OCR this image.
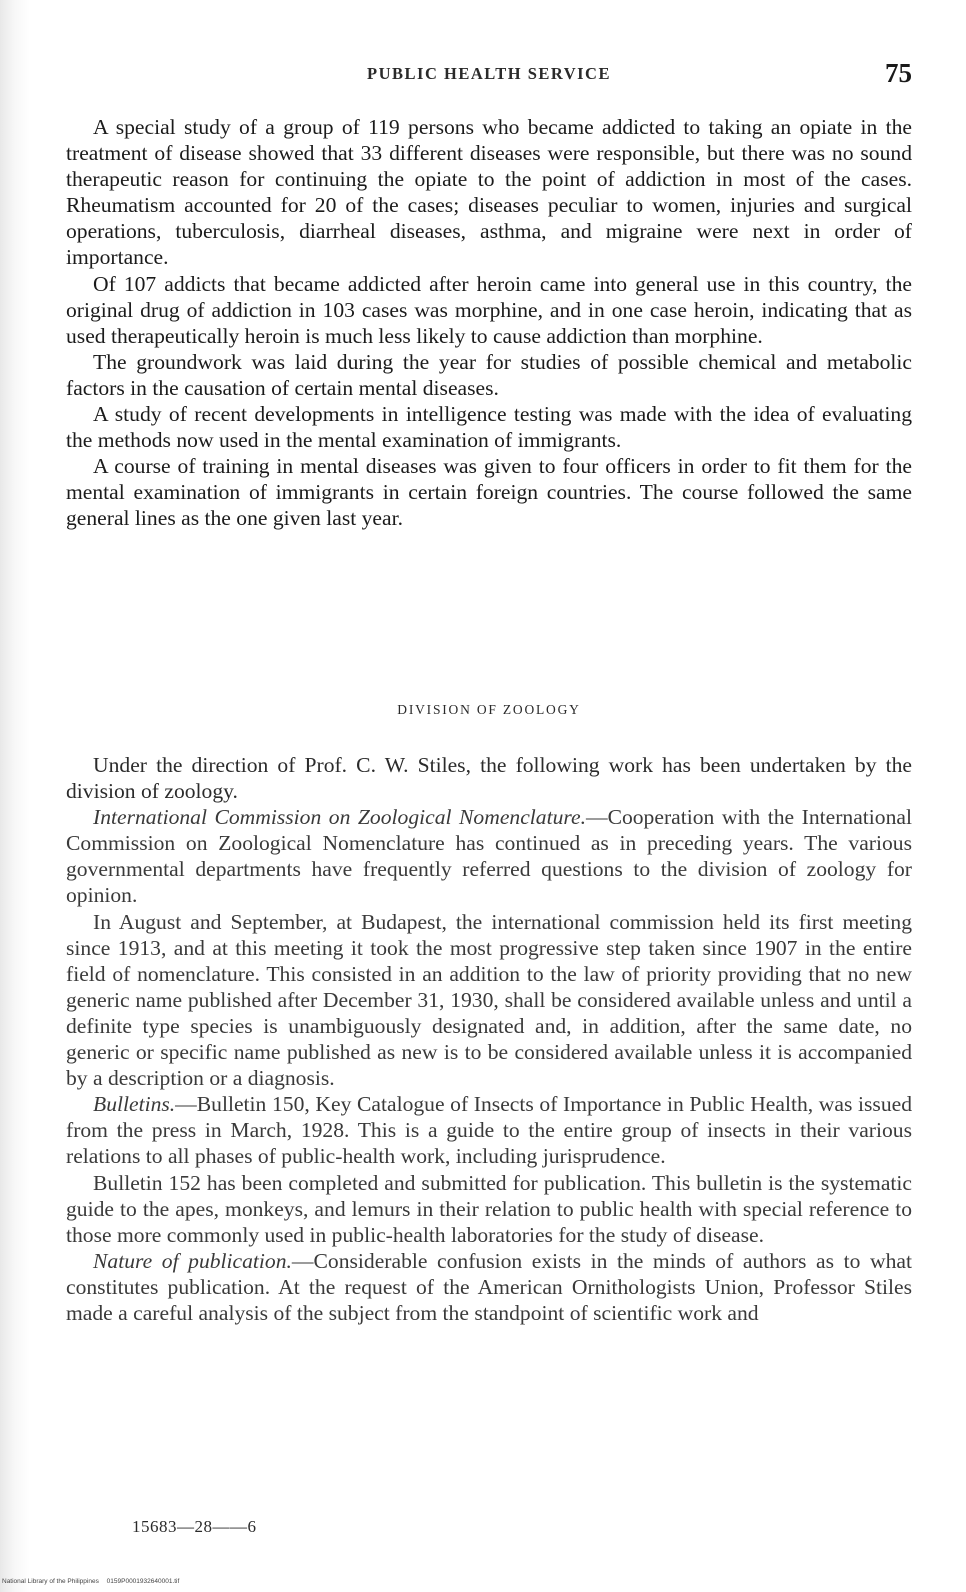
PUBLIC HEALTH SERVICE	75

A special study of a group of 119 persons who became addicted to taking an opiate in the treatment of disease showed that 33 different diseases were responsible, but there was no sound therapeutic reason for continuing the opiate to the point of addiction in most of the cases. Rheumatism accounted for 20 of the cases; diseases peculiar to women, injuries and surgical operations, tuberculosis, diarrheal diseases, asthma, and migraine were next in order of importance.

Of 107 addicts that became addicted after heroin came into general use in this country, the original drug of addiction in 103 cases was morphine, and in one case heroin, indicating that as used therapeutically heroin is much less likely to cause addiction than morphine.

The groundwork was laid during the year for studies of possible chemical and metabolic factors in the causation of certain mental diseases.

A study of recent developments in intelligence testing was made with the idea of evaluating the methods now used in the mental examination of immigrants.

A course of training in mental diseases was given to four officers in order to fit them for the mental examination of immigrants in certain foreign countries. The course followed the same general lines as the one given last year.

DIVISION OF ZOOLOGY

Under the direction of Prof. C. W. Stiles, the following work has been undertaken by the division of zoology.

International Commission on Zoological Nomenclature.—Cooperation with the International Commission on Zoological Nomenclature has continued as in preceding years. The various governmental departments have frequently referred questions to the division of zoology for opinion.

In August and September, at Budapest, the international commission held its first meeting since 1913, and at this meeting it took the most progressive step taken since 1907 in the entire field of nomenclature. This consisted in an addition to the law of priority providing that no new generic name published after December 31, 1930, shall be considered available unless and until a definite type species is unambiguously designated and, in addition, after the same date, no generic or specific name published as new is to be considered available unless it is accompanied by a description or a diagnosis.

Bulletins.—Bulletin 150, Key Catalogue of Insects of Importance in Public Health, was issued from the press in March, 1928. This is a guide to the entire group of insects in their various relations to all phases of public-health work, including jurisprudence.

Bulletin 152 has been completed and submitted for publication. This bulletin is the systematic guide to the apes, monkeys, and lemurs in their relation to public health with special reference to those more commonly used in public-health laboratories for the study of disease.

Nature of publication.—Considerable confusion exists in the minds of authors as to what constitutes publication. At the request of the American Ornithologists Union, Professor Stiles made a careful analysis of the subject from the standpoint of scientific work and

15683—28——6
National Library of the Philippines 0159P0001932640001.tif
